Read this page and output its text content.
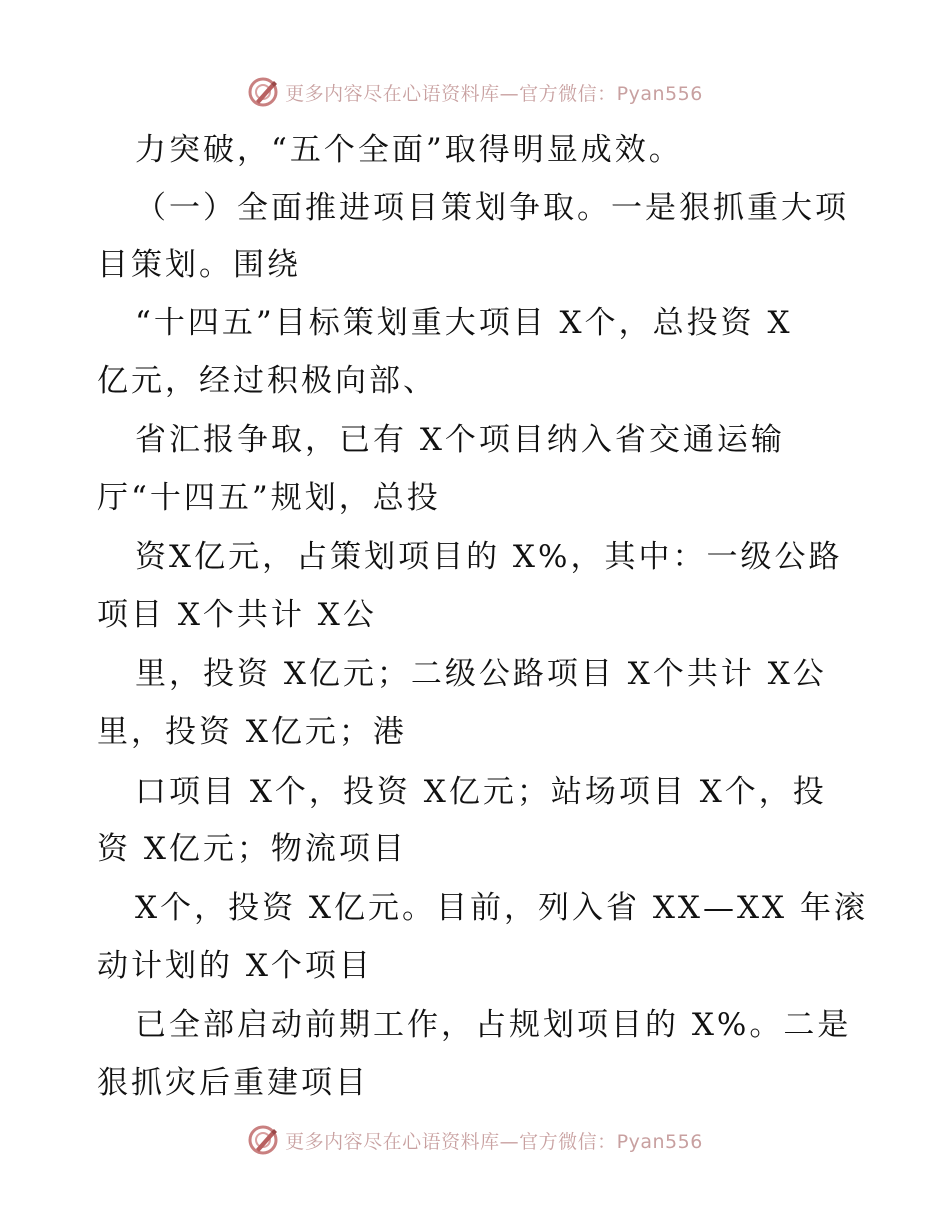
更多内容尽在心语资料库—官方微信：Pyan556
力突破，“五个全面”取得明显成效。
（一）全面推进项目策划争取。一是狠抓重大项
目策划。围绕
“十四五”目标策划重大项目 X个，总投资 X
亿元，经过积极向部、
省汇报争取，已有 X个项目纳入省交通运输
厅“十四五”规划，总投
资X亿元，占策划项目的 X%，其中：一级公路
项目 X个共计 X公
里，投资 X亿元；二级公路项目 X个共计 X公
里，投资 X亿元；港
口项目 X个，投资 X亿元；站场项目 X个，投
资 X亿元；物流项目
X个，投资 X亿元。目前，列入省 XX—XX 年滚
动计划的 X个项目
已全部启动前期工作，占规划项目的 X%。二是
狠抓灾后重建项目
更多内容尽在心语资料库—官方微信：Pyan556
